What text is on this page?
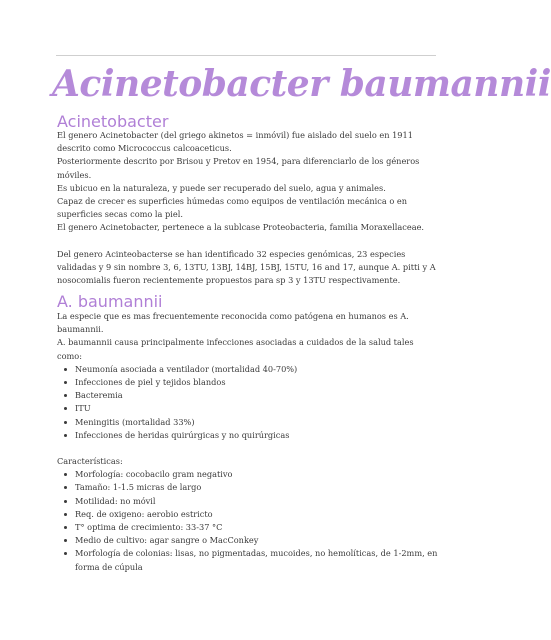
Acinetobacter baumannii
Acinetobacter

El genero Acinetobacter (del griego akinetos = inmóvil) fue aislado del suelo en 1911 descrito como Micrococcus calcoaceticus.

Posteriormente descrito por Brisou y Pretov en 1954, para diferenciarlo de los géneros móviles.

Es ubicuo en la naturaleza, y puede ser recuperado del suelo, agua y animales.

Capaz de crecer es superficies húmedas como equipos de ventilación mecánica o en superficies secas como la piel.

El genero Acinetobacter, pertenece a la sublcase Proteobacteria, familia Moraxellaceae.

Del genero Acinteobacterse se han identificado 32 especies genómicas, 23 especies validadas y 9 sin nombre 3, 6, 13TU, 13BJ, 14BJ, 15BJ, 15TU, 16 and 17, aunque A. pitti y A nosocomialis fueron recientemente propuestos para sp 3 y 13TU respectivamente.

A. baumannii

La especie que es mas frecuentemente reconocida como patógena en humanos es A. baumannii.

A. baumannii causa principalmente infecciones asociadas a cuidados de la salud tales como:

Neumonía asociada a ventilador (mortalidad 40-70%)
Infecciones de piel y tejidos blandos
Bacteremia
ITU
Meningitis (mortalidad 33%)
Infecciones de heridas quirúrgicas y no quirúrgicas

Características:

Morfología: cocobacilo gram negativo
Tamaño: 1-1.5 micras de largo
Motilidad: no móvil
Req. de oxigeno: aerobio estricto
T° optima de crecimiento: 33-37 °C
Medio de cultivo: agar sangre o MacConkey
Morfología de colonias: lisas, no pigmentadas, mucoides, no hemolíticas, de 1-2mm, en forma de cúpula
